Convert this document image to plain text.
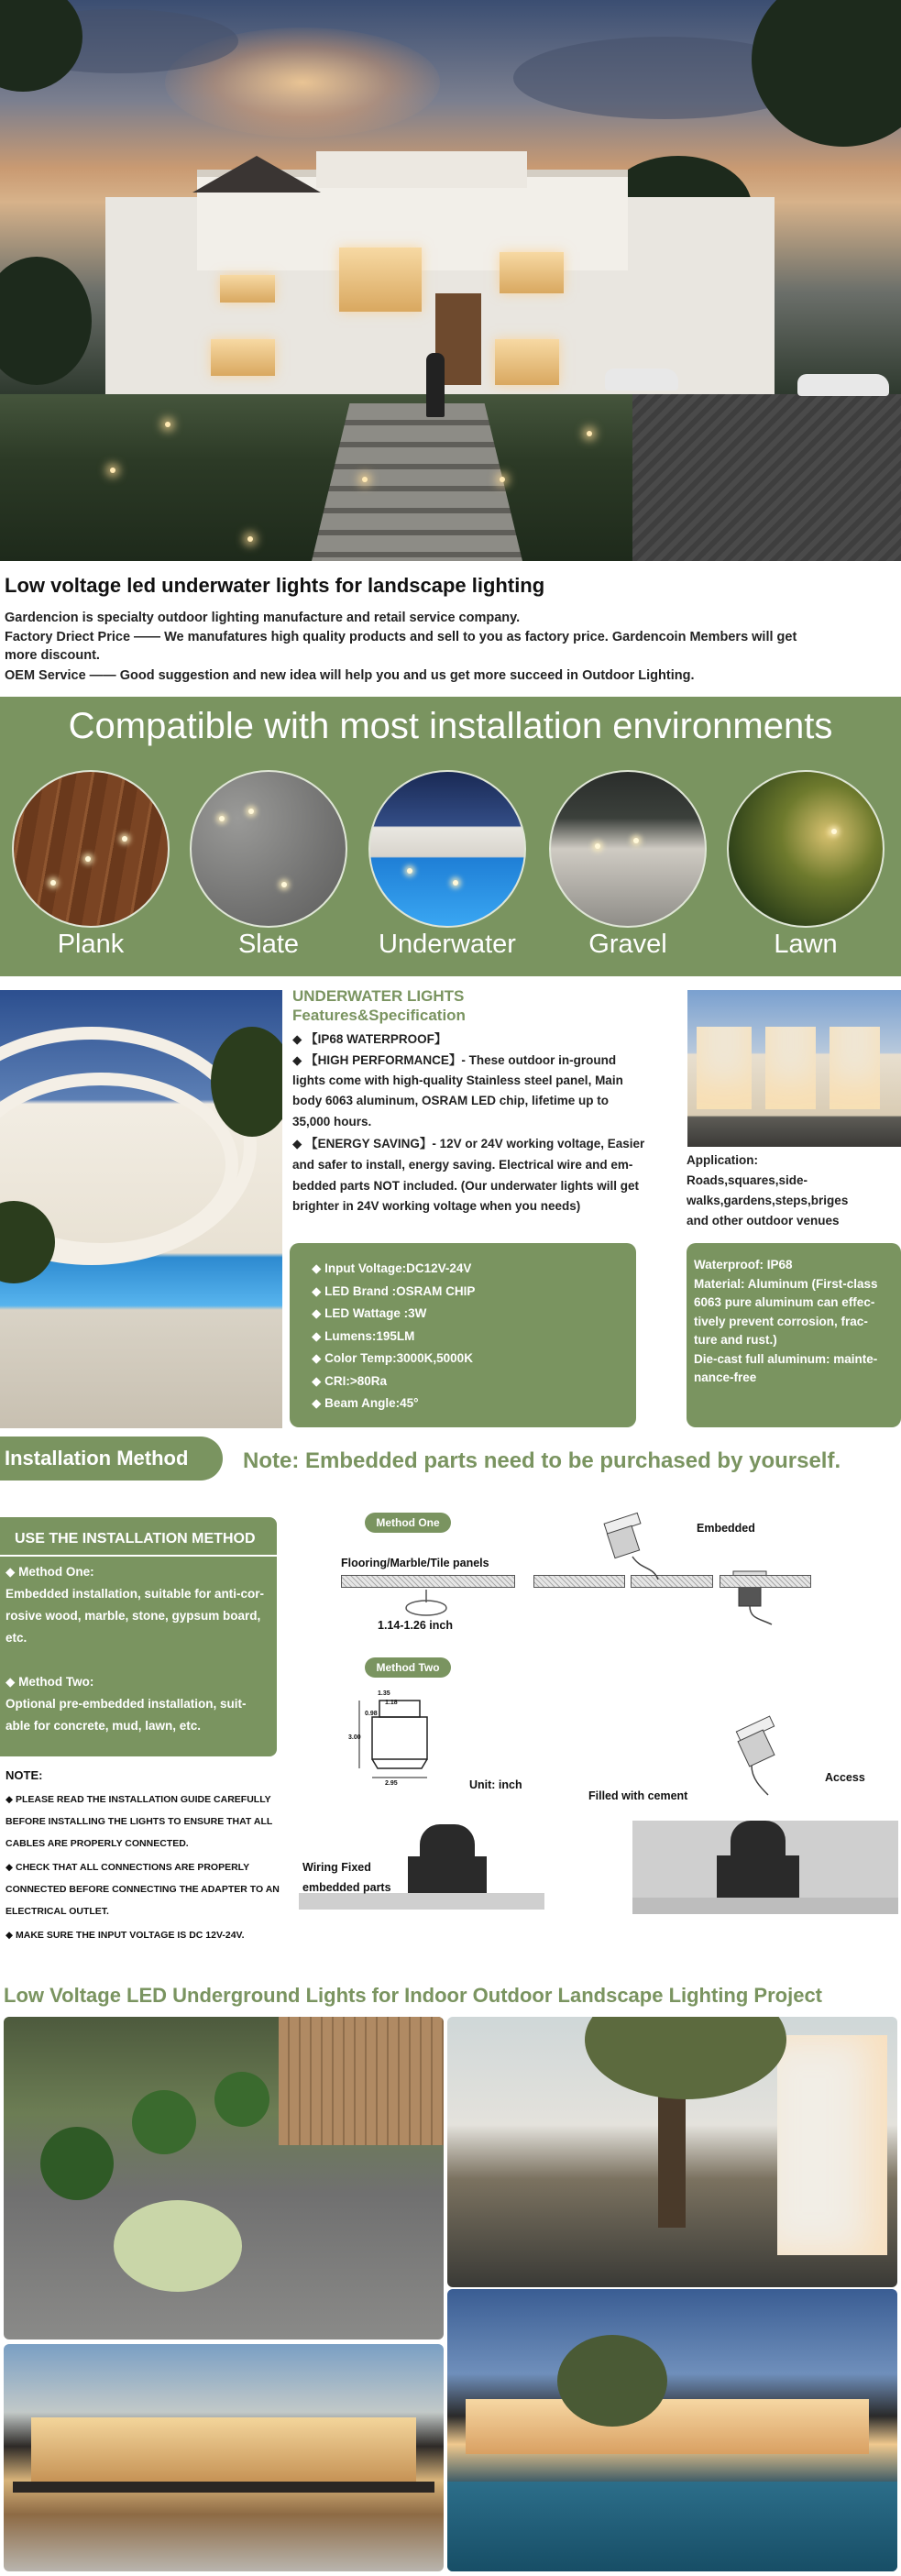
Low voltage led underwater lights for landscape lighting
Gardencion is specialty outdoor lighting manufacture and retail service company.
Factory Driect Price —— We manufatures high quality products and sell to you as factory price. Gardencoin Members will get
more discount.
OEM Service —— Good suggestion and new idea will help you and us get more succeed in Outdoor Lighting.
Compatible with most installation environments
Plank	Slate	Underwater	Gravel	Lawn
UNDERWATER LIGHTS
Features&Specification
◆ 【IP68 WATERPROOF】
◆ 【HIGH PERFORMANCE】- These outdoor in-ground
lights come with high-quality Stainless steel panel, Main
body 6063 aluminum, OSRAM LED chip, lifetime up to
35,000 hours.
◆ 【ENERGY SAVING】- 12V or 24V working voltage, Easier
and safer to install, energy saving. Electrical wire and em-
bedded parts NOT included. (Our underwater lights will get
brighter in 24V working voltage when you needs)
◆ Input Voltage:DC12V-24V
◆ LED Brand :OSRAM CHIP
◆ LED Wattage :3W
◆ Lumens:195LM
◆ Color Temp:3000K,5000K
◆ CRI:>80Ra
◆ Beam Angle:45°
Application:
Roads,squares,side-
walks,gardens,steps,briges
and other outdoor venues
Waterproof: IP68
Material: Aluminum (First-class
6063 pure aluminum can effec-
tively prevent corrosion, frac-
ture and rust.)
Die-cast full aluminum: mainte-
nance-free
Installation Method	Note: Embedded parts need to be purchased by yourself.
USE THE INSTALLATION METHOD
◆ Method One:
Embedded installation, suitable for anti-cor-
rosive wood, marble, stone, gypsum board,
etc.
◆ Method Two:
Optional pre-embedded installation, suit-
able for concrete, mud, lawn, etc.
NOTE:
◆ PLEASE READ THE INSTALLATION GUIDE CAREFULLY
BEFORE INSTALLING THE LIGHTS TO ENSURE THAT ALL
CABLES ARE PROPERLY CONNECTED.
◆ CHECK THAT ALL CONNECTIONS ARE PROPERLY
CONNECTED BEFORE CONNECTING THE ADAPTER TO AN
ELECTRICAL OUTLET.
◆ MAKE SURE THE INPUT VOLTAGE IS DC 12V-24V.
Method One
Flooring/Marble/Tile panels
1.14-1.26 inch
Embedded
Method Two
1.35
1.18
0.98
3.00
2.95	Unit: inch
Wiring Fixed
embedded parts
Filled with cement
Access
Low Voltage LED Underground Lights for Indoor Outdoor Landscape Lighting Project
